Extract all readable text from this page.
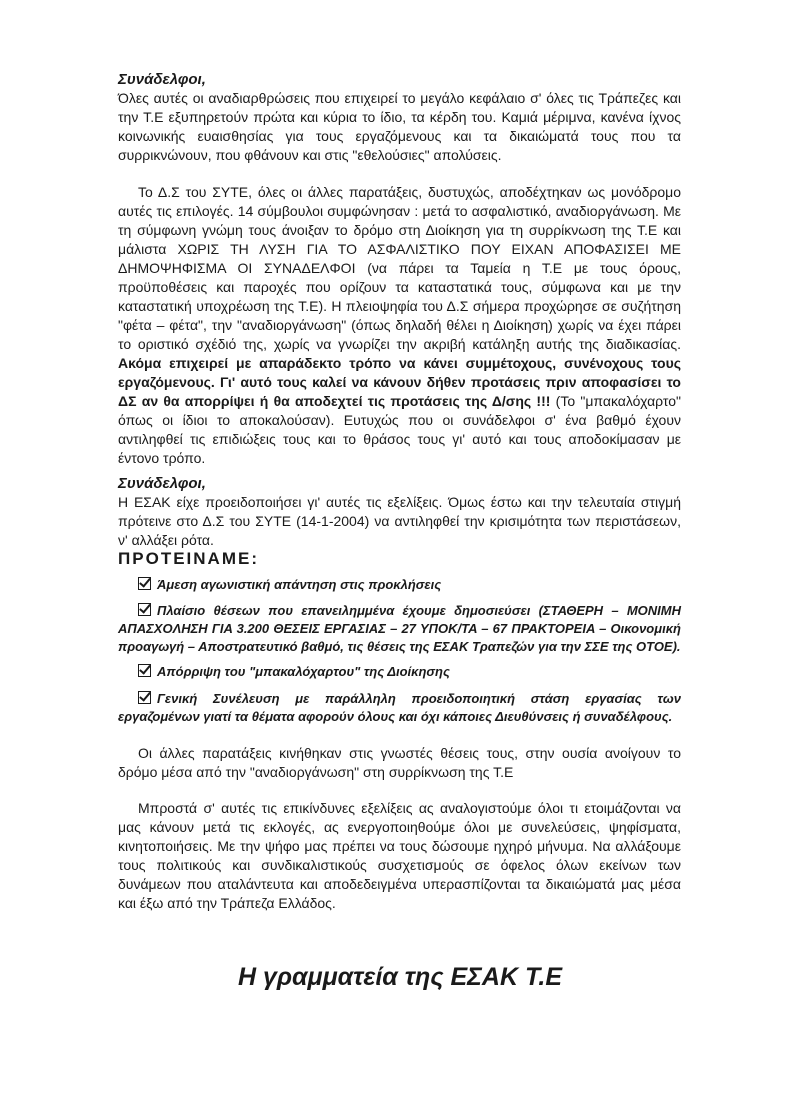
Συνάδελφοι,

Όλες αυτές οι αναδιαρθρώσεις που επιχειρεί το μεγάλο κεφάλαιο σ' όλες τις Τράπεζες και την Τ.Ε εξυπηρετούν πρώτα και κύρια το ίδιο, τα κέρδη του. Καμιά μέριμνα, κανένα ίχνος κοινωνικής ευαισθησίας για τους εργαζόμενους και τα δικαιώματά τους που τα συρρικνώνουν, που φθάνουν και στις "εθελούσιες" απολύσεις.

Το Δ.Σ του ΣΥΤΕ, όλες οι άλλες παρατάξεις, δυστυχώς, αποδέχτηκαν ως μονόδρομο αυτές τις επιλογές. 14 σύμβουλοι συμφώνησαν : μετά το ασφαλιστικό, αναδιοργάνωση. Με τη σύμφωνη γνώμη τους άνοιξαν το δρόμο στη Διοίκηση για τη συρρίκνωση της Τ.Ε και μάλιστα ΧΩΡΙΣ ΤΗ ΛΥΣΗ ΓΙΑ ΤΟ ΑΣΦΑΛΙΣΤΙΚΟ ΠΟΥ ΕΙΧΑΝ ΑΠΟΦΑΣΙΣΕΙ ΜΕ ΔΗΜΟΨΗΦΙΣΜΑ ΟΙ ΣΥΝΑΔΕΛΦΟΙ (να πάρει τα Ταμεία η Τ.Ε με τους όρους, προϋποθέσεις και παροχές που ορίζουν τα καταστατικά τους, σύμφωνα και με την καταστατική υποχρέωση της Τ.Ε). Η πλειοψηφία του Δ.Σ σήμερα προχώρησε σε συζήτηση "φέτα – φέτα", την "αναδιοργάνωση" (όπως δηλαδή θέλει η Διοίκηση) χωρίς να έχει πάρει το οριστικό σχέδιό της, χωρίς να γνωρίζει την ακριβή κατάληξη αυτής της διαδικασίας. Ακόμα επιχειρεί με απαράδεκτο τρόπο να κάνει συμμέτοχους, συνένοχους τους εργαζόμενους. Γι' αυτό τους καλεί να κάνουν δήθεν προτάσεις πριν αποφασίσει το ΔΣ αν θα απορρίψει ή θα αποδεχτεί τις προτάσεις της Δ/σης !!! (Το "μπακαλόχαρτο" όπως οι ίδιοι το αποκαλούσαν). Ευτυχώς που οι συνάδελφοι σ' ένα βαθμό έχουν αντιληφθεί τις επιδιώξεις τους και το θράσος τους γι' αυτό και τους αποδοκίμασαν με έντονο τρόπο.

Συνάδελφοι,

Η ΕΣΑΚ είχε προειδοποιήσει γι' αυτές τις εξελίξεις. Όμως έστω και την τελευταία στιγμή πρότεινε στο Δ.Σ του ΣΥΤΕ (14-1-2004) να αντιληφθεί την κρισιμότητα των περιστάσεων, ν' αλλάξει ρότα.

ΠΡΟΤΕΙΝΑΜΕ:

Άμεση αγωνιστική απάντηση στις προκλήσεις

Πλαίσιο θέσεων που επανειλημμένα έχουμε δημοσιεύσει (ΣΤΑΘΕΡΗ – ΜΟΝΙΜΗ ΑΠΑΣΧΟΛΗΣΗ ΓΙΑ 3.200 ΘΕΣΕΙΣ ΕΡΓΑΣΙΑΣ – 27 ΥΠΟΚ/ΤΑ – 67 ΠΡΑΚΤΟΡΕΙΑ – Οικονομική προαγωγή – Αποστρατευτικό βαθμό, τις θέσεις της ΕΣΑΚ Τραπεζών για την ΣΣΕ της ΟΤΟΕ).

Απόρριψη του "μπακαλόχαρτου" της Διοίκησης

Γενική Συνέλευση με παράλληλη προειδοποιητική στάση εργασίας των εργαζομένων γιατί τα θέματα αφορούν όλους και όχι κάποιες Διευθύνσεις ή συναδέλφους.

Οι άλλες παρατάξεις κινήθηκαν στις γνωστές θέσεις τους, στην ουσία ανοίγουν το δρόμο μέσα από την "αναδιοργάνωση" στη συρρίκνωση της Τ.Ε

Μπροστά σ' αυτές τις επικίνδυνες εξελίξεις ας αναλογιστούμε όλοι τι ετοιμάζονται να μας κάνουν μετά τις εκλογές, ας ενεργοποιηθούμε όλοι με συνελεύσεις, ψηφίσματα, κινητοποιήσεις. Με την ψήφο μας πρέπει να τους δώσουμε ηχηρό μήνυμα. Να αλλάξουμε τους πολιτικούς και συνδικαλιστικούς συσχετισμούς σε όφελος όλων εκείνων των δυνάμεων που αταλάντευτα και αποδεδειγμένα υπερασπίζονται τα δικαιώματά μας μέσα και έξω από την Τράπεζα Ελλάδος.

Η γραμματεία της ΕΣΑΚ Τ.Ε
